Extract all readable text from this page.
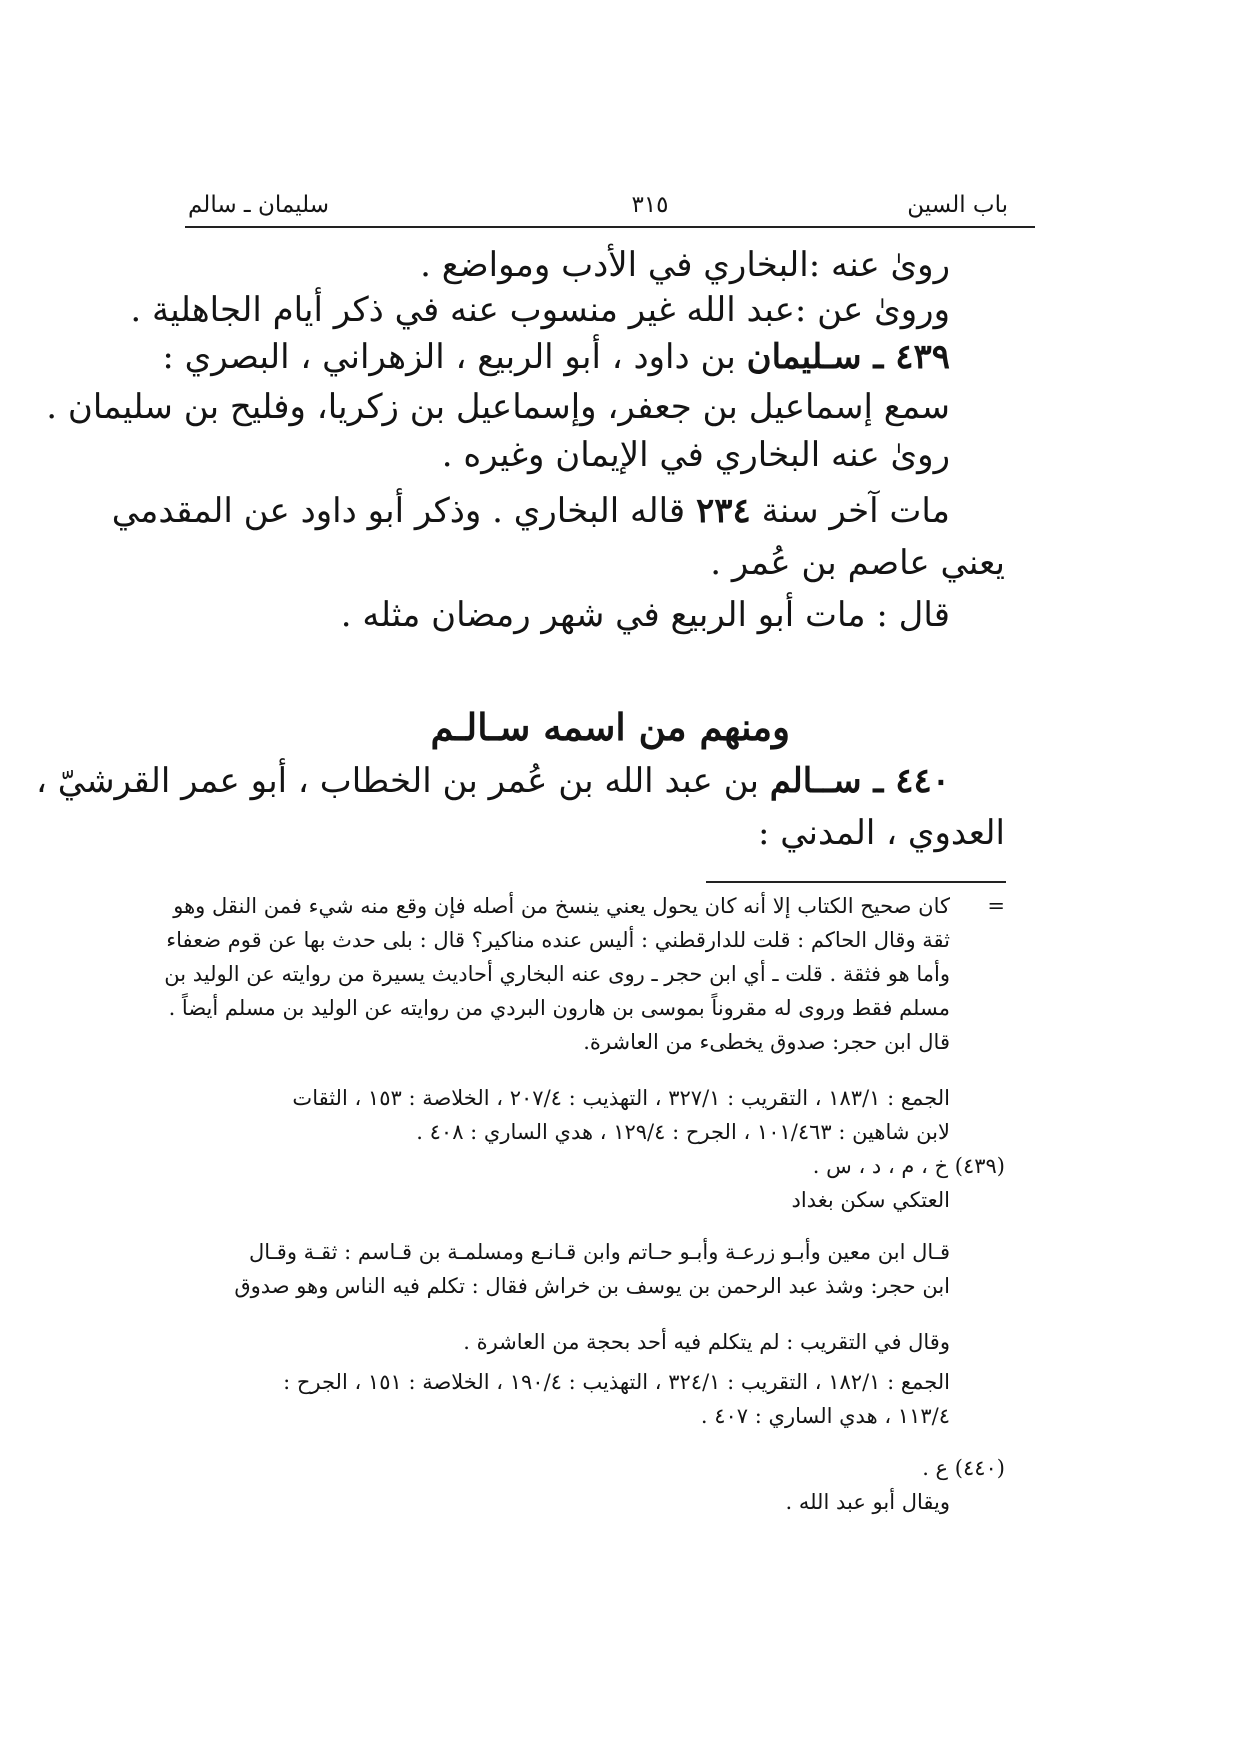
باب السين
٣١٥
سليمان ـ سالم
رویٰ عنه :البخاري في الأدب ومواضع .
وروىٰ عن :عبد الله غير منسوب عنه في ذكر أيام الجاهلية .
٤٣٩ ـ سـليمان بن داود ، أبو الربيع ، الزهراني ، البصري :
سمع إسماعيل بن جعفر، وإسماعيل بن زكريا، وفليح بن سليمان .
رویٰ عنه البخاري في الإيمان وغيره .
مات آخر سنة ٢٣٤ قاله البخاري . وذكر أبو داود عن المقدمي
يعني عاصم بن عُمر .
قال : مات أبو الربيع في شهر رمضان مثله .
ومنهم من اسمه سـالـم
٤٤٠ ـ ســالم بن عبد الله بن عُمر بن الخطاب ، أبو عمر القرشيّ ،
العدوي ، المدني :
=
كان صحيح الكتاب إلا أنه كان يحول يعني ينسخ من أصله فإن وقع منه شيء فمن النقل وهو
ثقة وقال الحاكم : قلت للدارقطني : أليس عنده مناكير؟ قال : بلى حدث بها عن قوم ضعفاء
وأما هو فثقة . قلت ـ أي ابن حجر ـ روى عنه البخاري أحاديث يسيرة من روايته عن الوليد بن
مسلم فقط وروى له مقروناً بموسى بن هارون البردي من روايته عن الوليد بن مسلم أيضاً .
قال ابن حجر: صدوق يخطىء من العاشرة.
الجمع : ١٨٣/١ ، التقريب : ٣٢٧/١ ، التهذيب : ٢٠٧/٤ ، الخلاصة : ١٥٣ ، الثقات
لابن شاهين : ١٠١/٤٦٣ ، الجرح : ١٢٩/٤ ، هدي الساري : ٤٠٨ .
(٤٣٩) خ ، م ، د ، س .
العتكي سكن بغداد
قـال ابن معين وأبـو زرعـة وأبـو حـاتم وابن قـانـع ومسلمـة بن قـاسم : ثقـة وقـال
ابن حجر: وشذ عبد الرحمن بن يوسف بن خراش فقال : تكلم فيه الناس وهو صدوق
وقال في التقريب : لم يتكلم فيه أحد بحجة من العاشرة .
الجمع : ١٨٢/١ ، التقريب : ٣٢٤/١ ، التهذيب : ١٩٠/٤ ، الخلاصة : ١٥١ ، الجرح :
١١٣/٤ ، هدي الساري : ٤٠٧ .
(٤٤٠) ع .
ويقال أبو عبد الله .
